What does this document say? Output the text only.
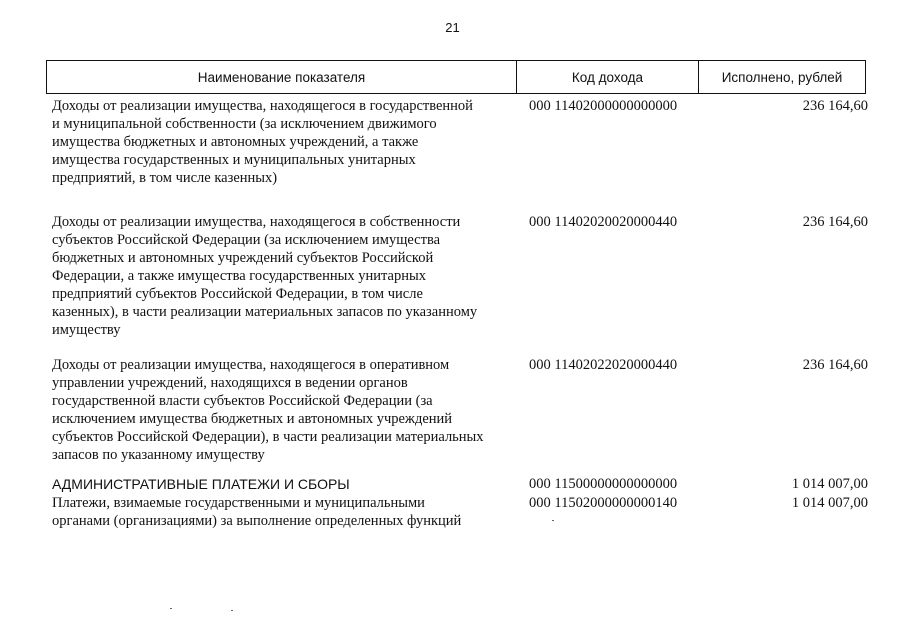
21
Наименование показателя	Код дохода	Исполнено, рублей
Доходы от реализации имущества, находящегося в государственной
и муниципальной собственности (за исключением движимого
имущества бюджетных и автономных учреждений, а также
имущества государственных и муниципальных унитарных
предприятий, в том числе казенных)
000 11402000000000000	236 164,60
Доходы от реализации имущества, находящегося в собственности
субъектов Российской Федерации (за исключением имущества
бюджетных и автономных учреждений субъектов Российской
Федерации, а также имущества государственных унитарных
предприятий субъектов Российской Федерации, в том числе
казенных), в части реализации материальных запасов по указанному
имуществу
000 11402020020000440	236 164,60
Доходы от реализации имущества, находящегося в оперативном
управлении учреждений, находящихся в ведении органов
государственной власти субъектов Российской Федерации (за
исключением имущества бюджетных и автономных учреждений
субъектов Российской Федерации), в части реализации материальных
запасов по указанному имуществу
000 11402022020000440	236 164,60
АДМИНИСТРАТИВНЫЕ ПЛАТЕЖИ И СБОРЫ	000 11500000000000000	1 014 007,00
Платежи, взимаемые государственными и муниципальными
органами (организациями) за выполнение определенных функций
000 11502000000000140	1 014 007,00
